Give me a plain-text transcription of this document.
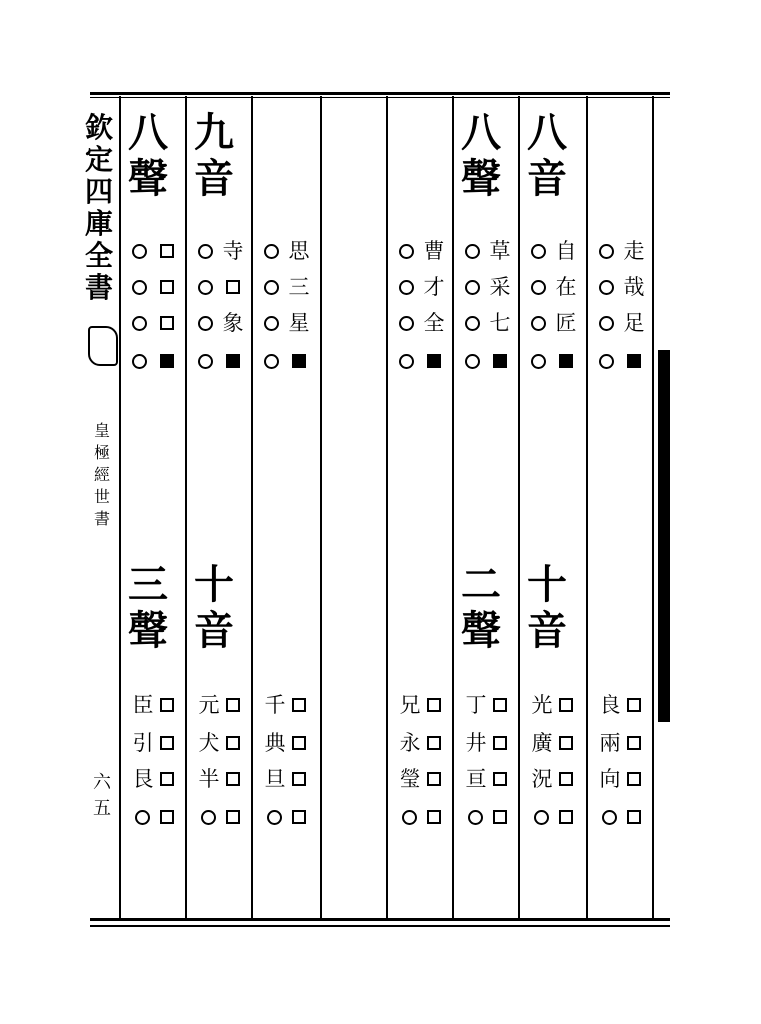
欽定四庫全書
皇極經世書
六五
八
聲
三
聲
臣
引
艮
九
音
十
音
寺
象
元
犬
半
思
三
星
千
典
旦
曹
才
全
兄
永
瑩
八
聲
二
聲
草
采
七
丁
井
亘
八
音
十
音
自
在
匠
光
廣
況
走
哉
足
良
兩
向
